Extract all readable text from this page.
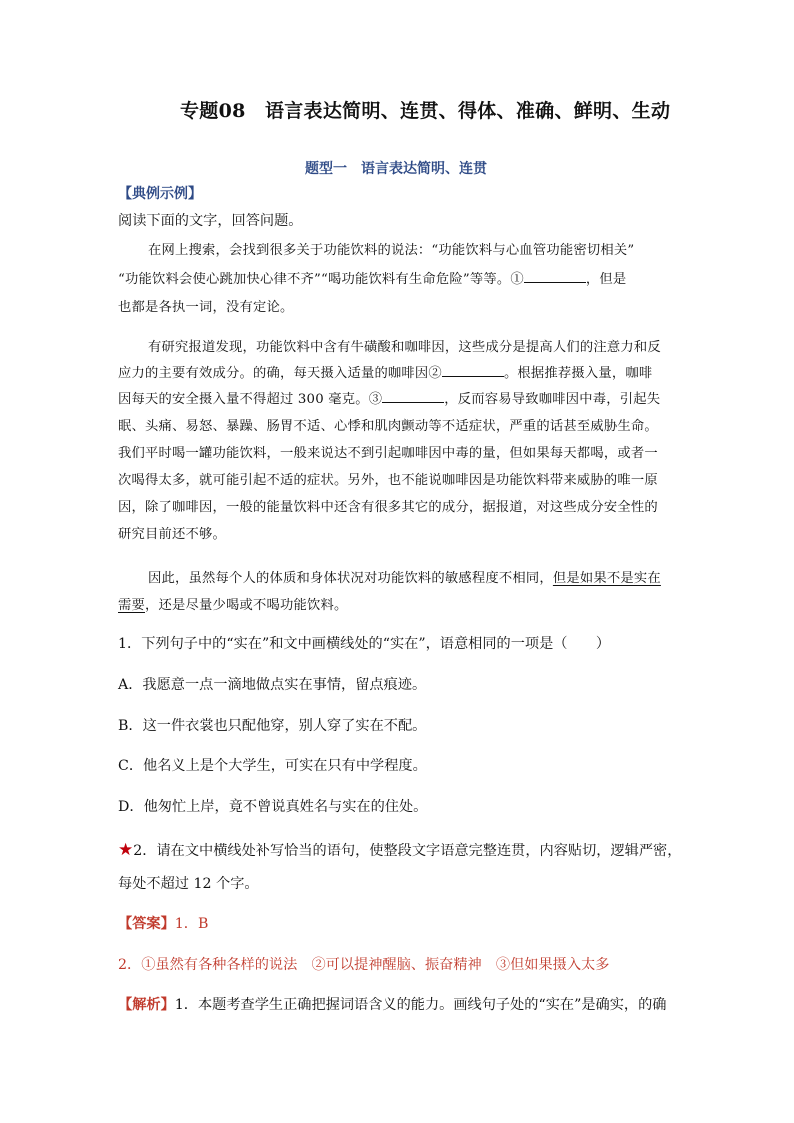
专题08　语言表达简明、连贯、得体、准确、鲜明、生动
题型一　语言表达简明、连贯
【典例示例】
阅读下面的文字，回答问题。
在网上搜索，会找到很多关于功能饮料的说法：“功能饮料与心血管功能密切相关”
“功能饮料会使心跳加快心律不齐”“喝功能饮料有生命危险”等等。①	，但是
也都是各执一词，没有定论。
有研究报道发现，功能饮料中含有牛磺酸和咖啡因，这些成分是提高人们的注意力和反
应力的主要有效成分。的确，每天摄入适量的咖啡因②	。根据推荐摄入量，咖啡
因每天的安全摄入量不得超过 300 毫克。③	，反而容易导致咖啡因中毒，引起失
眠、头痛、易怒、暴躁、肠胃不适、心悸和肌肉颤动等不适症状，严重的话甚至威胁生命。
我们平时喝一罐功能饮料，一般来说达不到引起咖啡因中毒的量，但如果每天都喝，或者一
次喝得太多，就可能引起不适的症状。另外，也不能说咖啡因是功能饮料带来威胁的唯一原
因，除了咖啡因，一般的能量饮料中还含有很多其它的成分，据报道，对这些成分安全性的
研究目前还不够。
因此，虽然每个人的体质和身体状况对功能饮料的敏感程度不相同，但是如果不是实在
需要，还是尽量少喝或不喝功能饮料。
1．下列句子中的“实在”和文中画横线处的“实在”，语意相同的一项是（　　）
A．我愿意一点一滴地做点实在事情，留点痕迹。
B．这一件衣裳也只配他穿，别人穿了实在不配。
C．他名义上是个大学生，可实在只有中学程度。
D．他匆忙上岸，竟不曾说真姓名与实在的住处。
★2．请在文中横线处补写恰当的语句，使整段文字语意完整连贯，内容贴切，逻辑严密，
每处不超过 12 个字。
【答案】1．B
2．①虽然有各种各样的说法　②可以提神醒脑、振奋精神　③但如果摄入太多
【解析】1．本题考查学生正确把握词语含义的能力。画线句子处的“实在”是确实，的确
